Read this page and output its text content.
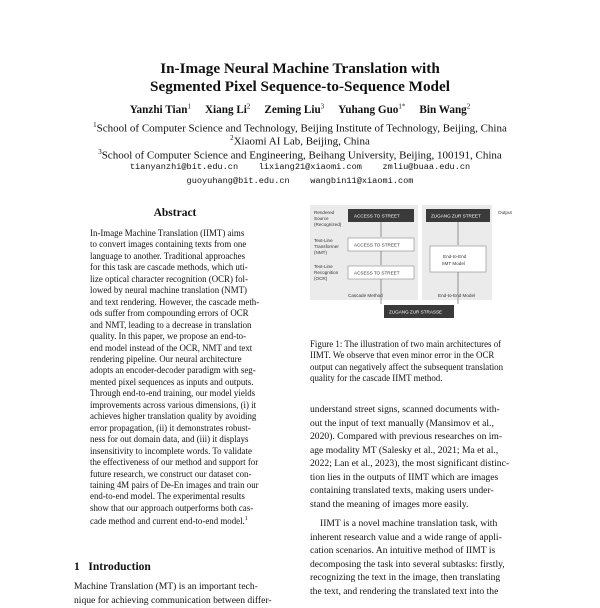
In-Image Neural Machine Translation with
Segmented Pixel Sequence-to-Sequence Model
Yanzhi Tian$^1$ Xiang Li$^2$ Zeming Liu$^3$ Yuhang Guo$^{1*}$ Bin Wang$^2$
$^1$School of Computer Science and Technology, Beijing Institute of Technology, Beijing, China
$^2$Xiaomi AI Lab, Beijing, China
$^3$School of Computer Science and Engineering, Beihang University, Beijing, 100191, China
tianyanzhi@bit.edu.cn    lixiang21@xiaomi.com    zmliu@buaa.edu.cn
guoyuhang@bit.edu.cn    wangbin11@xiaomi.com
Abstract
In-Image Machine Translation (IIMT) aims
to convert images containing texts from one
language to another. Traditional approaches
for this task are cascade methods, which uti-
lize optical character recognition (OCR) fol-
lowed by neural machine translation (NMT)
and text rendering. However, the cascade meth-
ods suffer from compounding errors of OCR
and NMT, leading to a decrease in translation
quality. In this paper, we propose an end-to-
end model instead of the OCR, NMT and text
rendering pipeline. Our neural architecture
adopts an encoder-decoder paradigm with seg-
mented pixel sequences as inputs and outputs.
Through end-to-end training, our model yields
improvements across various dimensions, (i) it
achieves higher translation quality by avoiding
error propagation, (ii) it demonstrates robust-
ness for out domain data, and (iii) it displays
insensitivity to incomplete words. To validate
the effectiveness of our method and support for
future research, we construct our dataset con-
taining 4M pairs of De-En images and train our
end-to-end model. The experimental results
show that our approach outperforms both cas-
cade method and current end-to-end model.$^1$
1 Introduction
Machine Translation (MT) is an important tech-
nique for achieving communication between differ-
Rendered
Source
(Recognized)
Text-Line
Transformer
(NMT)
Text-Line
Recognition
(OCR)
ACCESS TO STREET	ZUGANG ZUR STREET
Output
ACCESS TO STREET
ACSESS TO STREET
End-to-End
IIMT Model
Cascade Method	End-to-End Model
ZUGANG ZUR STRASSE
Figure 1: The illustration of two main architectures of
IIMT. We observe that even minor error in the OCR
output can negatively affect the subsequent translation
quality for the cascade IIMT method.
understand street signs, scanned documents with-
out the input of text manually (Mansimov et al.,
2020). Compared with previous researches on im-
age modality MT (Salesky et al., 2021; Ma et al.,
2022; Lan et al., 2023), the most significant distinc-
tion lies in the outputs of IIMT which are images
containing translated texts, making users under-
stand the meaning of images more easily.
IIMT is a novel machine translation task, with
inherent research value and a wide range of appli-
cation scenarios. An intuitive method of IIMT is
decomposing the task into several subtasks: firstly,
recognizing the text in the image, then translating
the text, and rendering the translated text into the
